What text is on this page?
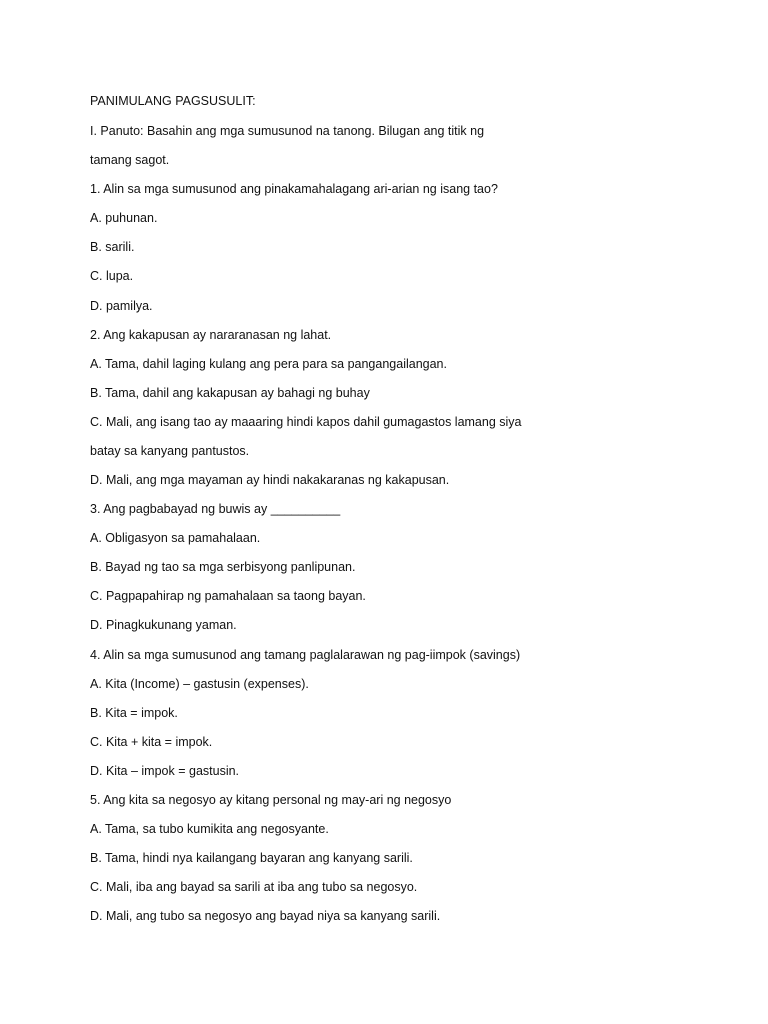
PANIMULANG PAGSUSULIT:
I. Panuto: Basahin ang mga sumusunod na tanong. Bilugan ang titik ng
tamang sagot.
1. Alin sa mga sumusunod ang pinakamahalagang ari-arian ng isang tao?
A. puhunan.
B. sarili.
C. lupa.
D. pamilya.
2. Ang kakapusan ay nararanasan ng lahat.
A. Tama, dahil laging kulang ang pera para sa pangangailangan.
B. Tama, dahil ang kakapusan ay bahagi ng buhay
C. Mali, ang isang tao ay maaaring hindi kapos dahil gumagastos lamang siya
batay sa kanyang pantustos.
D. Mali, ang mga mayaman ay hindi nakakaranas ng kakapusan.
3. Ang pagbabayad ng buwis ay __________
A. Obligasyon sa pamahalaan.
B. Bayad ng tao sa mga serbisyong panlipunan.
C. Pagpapahirap ng pamahalaan sa taong bayan.
D. Pinagkukunang yaman.
4. Alin sa mga sumusunod ang tamang paglalarawan ng pag-iimpok (savings)
A. Kita (Income) – gastusin (expenses).
B. Kita = impok.
C. Kita + kita = impok.
D. Kita – impok = gastusin.
5. Ang kita sa negosyo ay kitang personal ng may-ari ng negosyo
A. Tama, sa tubo kumikita ang negosyante.
B. Tama, hindi nya kailangang bayaran ang kanyang sarili.
C. Mali, iba ang bayad sa sarili at iba ang tubo sa negosyo.
D. Mali, ang tubo sa negosyo ang bayad niya sa kanyang sarili.
